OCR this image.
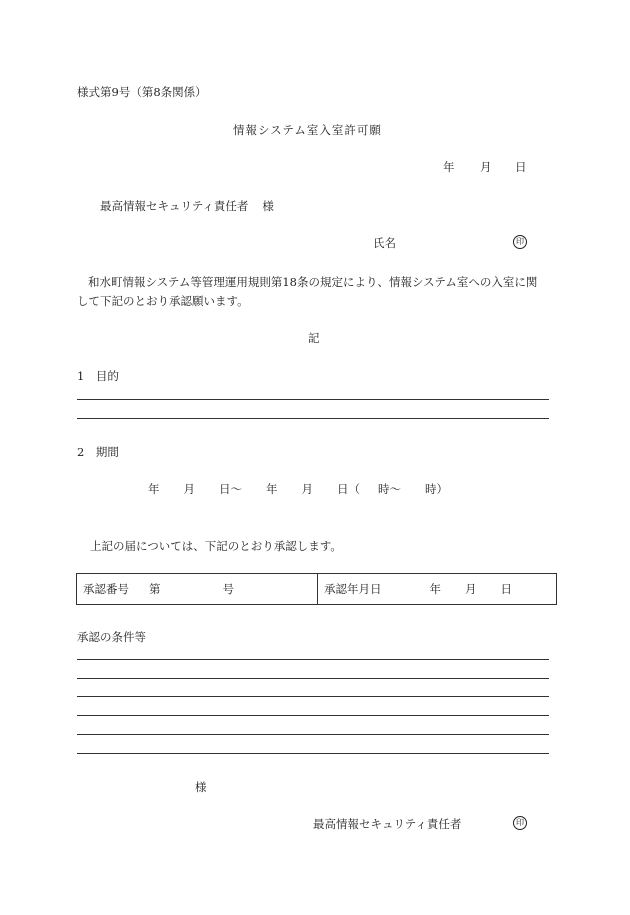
様式第9号（第8条関係）
情報システム室入室許可願
年 月 日
最高情報セキュリティ責任者 様
氏名	印
和水町情報システム等管理運用規則第18条の規定により、情報システム室への入室に関
して下記のとおり承認願います。
記
1　目的
2　期間
年 月 日～ 年 月 日（ 時～ 時）
上記の届については、下記のとおり承認します。
承認番号 第	号	承認年月日	年 月 日
承認の条件等
様
最高情報セキュリティ責任者	印
